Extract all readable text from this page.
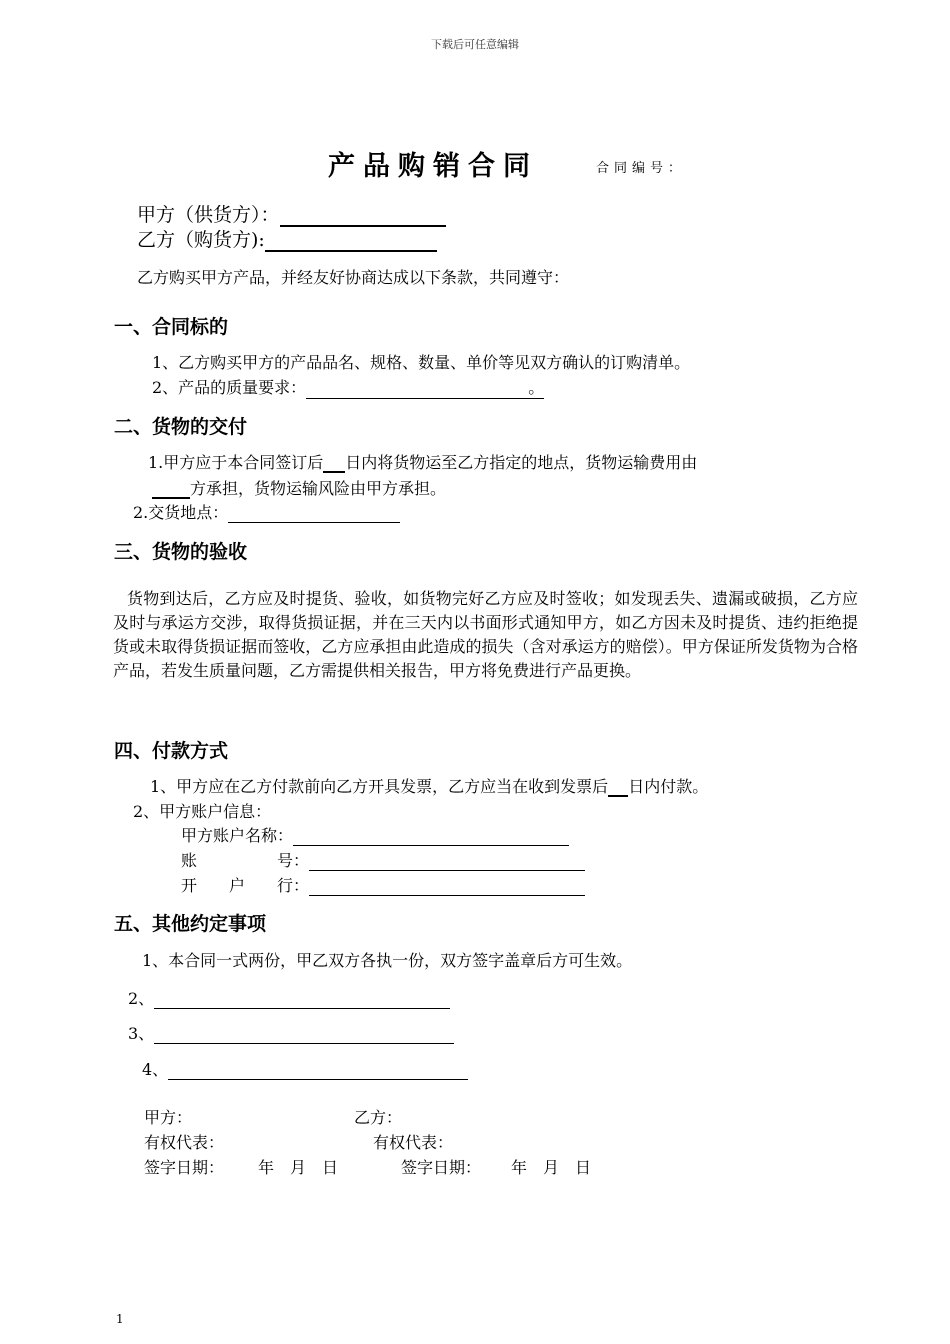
下载后可任意编辑
产品购销合同	合同编号：
甲方（供货方）：
乙方（购货方):
乙方购买甲方产品，并经友好协商达成以下条款，共同遵守：
一、合同标的
1、乙方购买甲方的产品品名、规格、数量、单价等见双方确认的订购清单。
2、产品的质量要求：	。
二、货物的交付
1.甲方应于本合同签订后 日内将货物运至乙方指定的地点，货物运输费用由
方承担，货物运输风险由甲方承担。
2.交货地点：
三、货物的验收
货物到达后，乙方应及时提货、验收，如货物完好乙方应及时签收；如发现丢失、遗漏或破损，乙方应及时与承运方交涉，取得货损证据，并在三天内以书面形式通知甲方，如乙方因未及时提货、违约拒绝提货或未取得货损证据而签收，乙方应承担由此造成的损失（含对承运方的赔偿）。甲方保证所发货物为合格产品，若发生质量问题，乙方需提供相关报告，甲方将免费进行产品更换。
四、付款方式
1、甲方应在乙方付款前向乙方开具发票，乙方应当在收到发票后 日内付款。
2、甲方账户信息：
甲方账户名称：
账	号：
开 户 行：
五、其他约定事项
1、本合同一式两份，甲乙双方各执一份，双方签字盖章后方可生效。
2、
3、
4、
甲方：	乙方：
有权代表：	有权代表：
签字日期： 年　月　日	签字日期： 年　月　日
1
